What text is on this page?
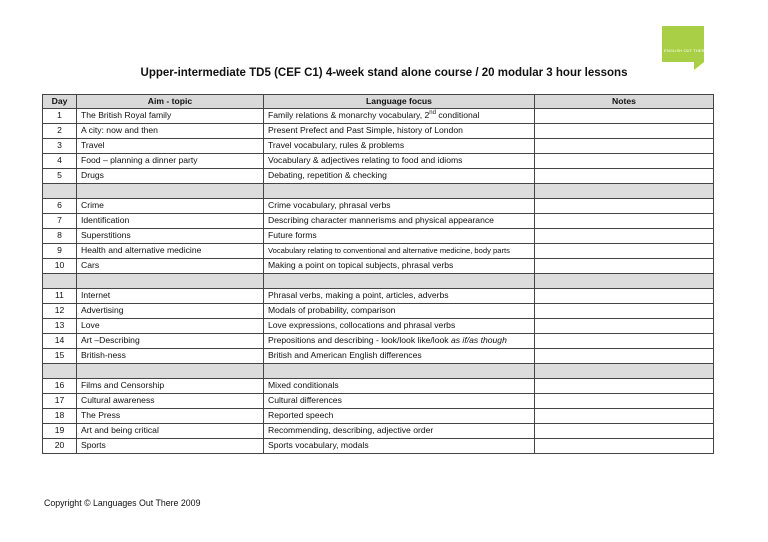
ENGLISH OUT THERE
Upper-intermediate TD5 (CEF C1) 4-week stand alone course / 20 modular 3 hour lessons
Day	Aim - topic	Language focus	Notes
1	The British Royal family	Family relations & monarchy vocabulary, 2nd conditional	
2	A city: now and then	Present Prefect and Past Simple, history of London	
3	Travel	Travel vocabulary, rules & problems	
4	Food – planning a dinner party	Vocabulary & adjectives relating to food and idioms	
5	Drugs	Debating, repetition & checking	

6	Crime	Crime vocabulary, phrasal verbs	
7	Identification	Describing character mannerisms and physical appearance	
8	Superstitions	Future forms	
9	Health and alternative medicine	Vocabulary relating to conventional and alternative medicine, body parts	
10	Cars	Making a point on topical subjects, phrasal verbs	

11	Internet	Phrasal verbs, making a point, articles, adverbs	
12	Advertising	Modals of probability, comparison	
13	Love	Love expressions, collocations and phrasal verbs	
14	Art –Describing	Prepositions and describing - look/look like/look as if/as though	
15	British-ness	British and American English differences	

16	Films and Censorship	Mixed conditionals	
17	Cultural awareness	Cultural differences	
18	The Press	Reported speech	
19	Art and being critical	Recommending, describing, adjective order	
20	Sports	Sports vocabulary, modals	
Copyright © Languages Out There 2009
